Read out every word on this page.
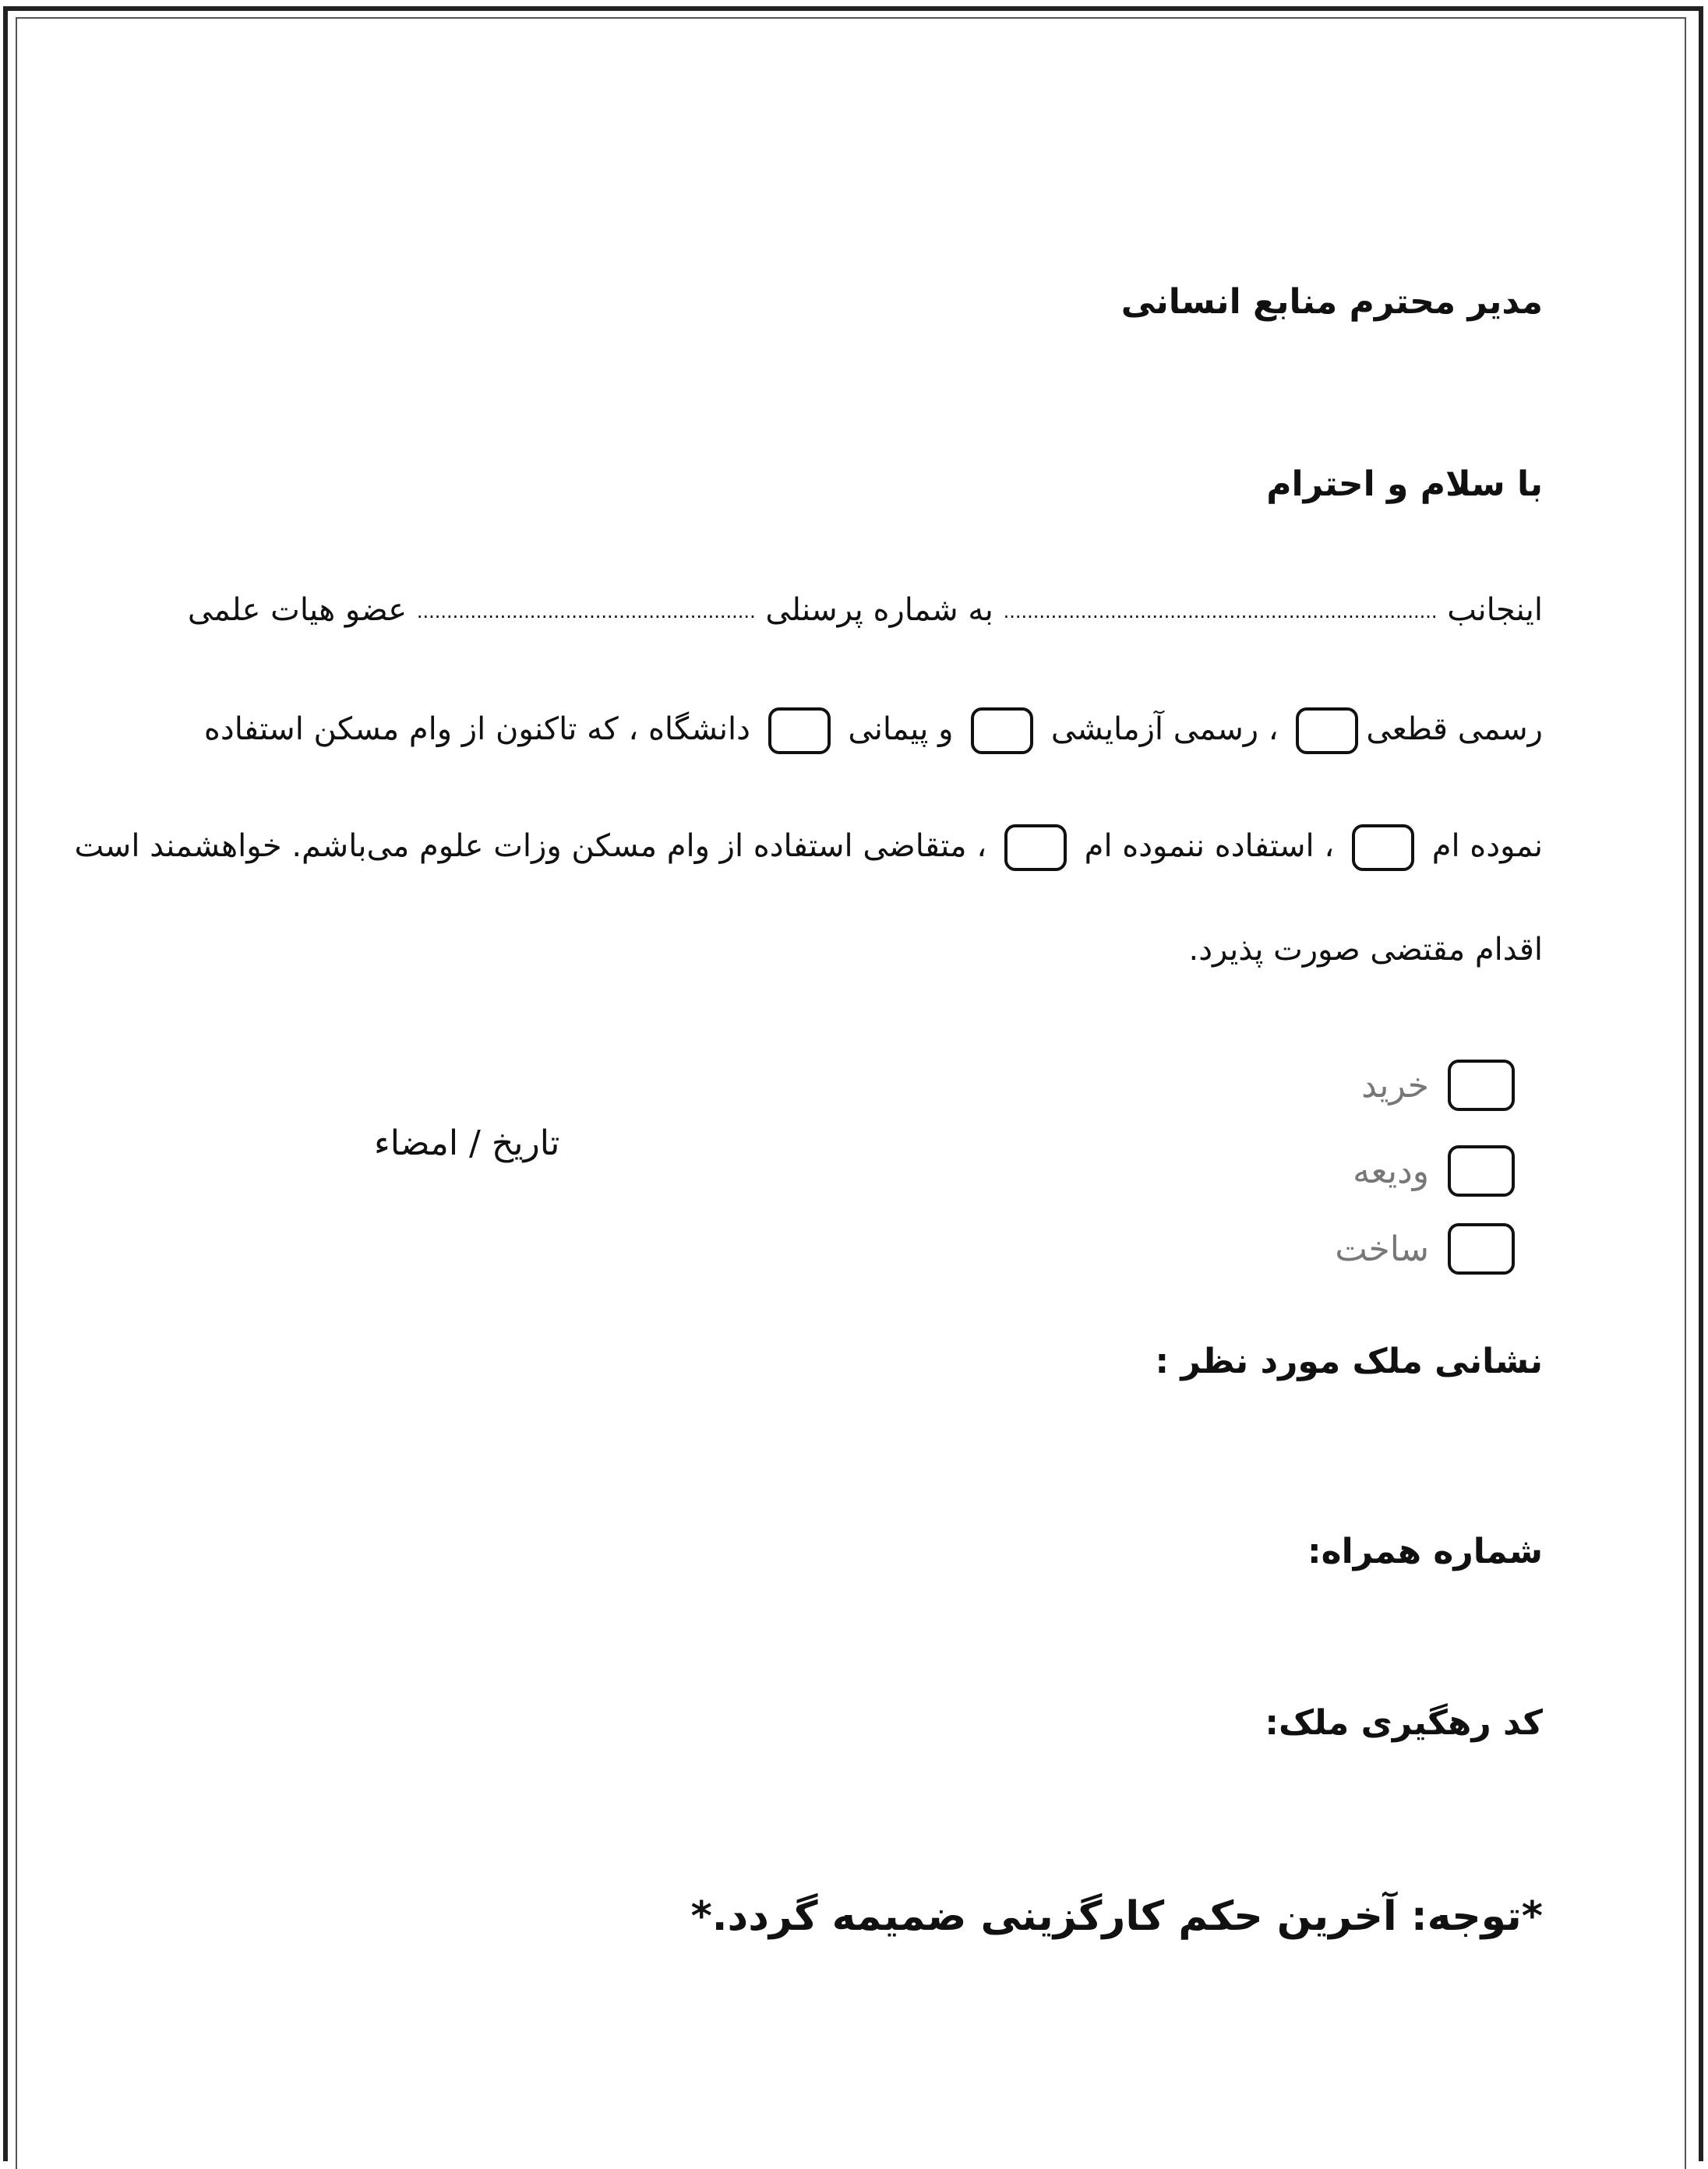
مدیر محترم منابع انسانی
با سلام و احترام
اینجانب ......................................................................... به شماره پرسنلی ......................................................... عضو هیات علمی
رسمی قطعی ، رسمی آزمایشی  و پیمانی  دانشگاه ، که تاکنون از وام مسکن استفاده
نموده ام  ، استفاده ننموده ام  ، متقاضی استفاده از وام مسکن وزات علوم می‌باشم. خواهشمند است
اقدام مقتضی صورت پذیرد.
خرید
ودیعه
ساخت
تاریخ / امضاء
نشانی ملک مورد نظر :
شماره همراه:
کد رهگیری ملک:
*توجه: آخرین حکم کارگزینی ضمیمه گردد.*
